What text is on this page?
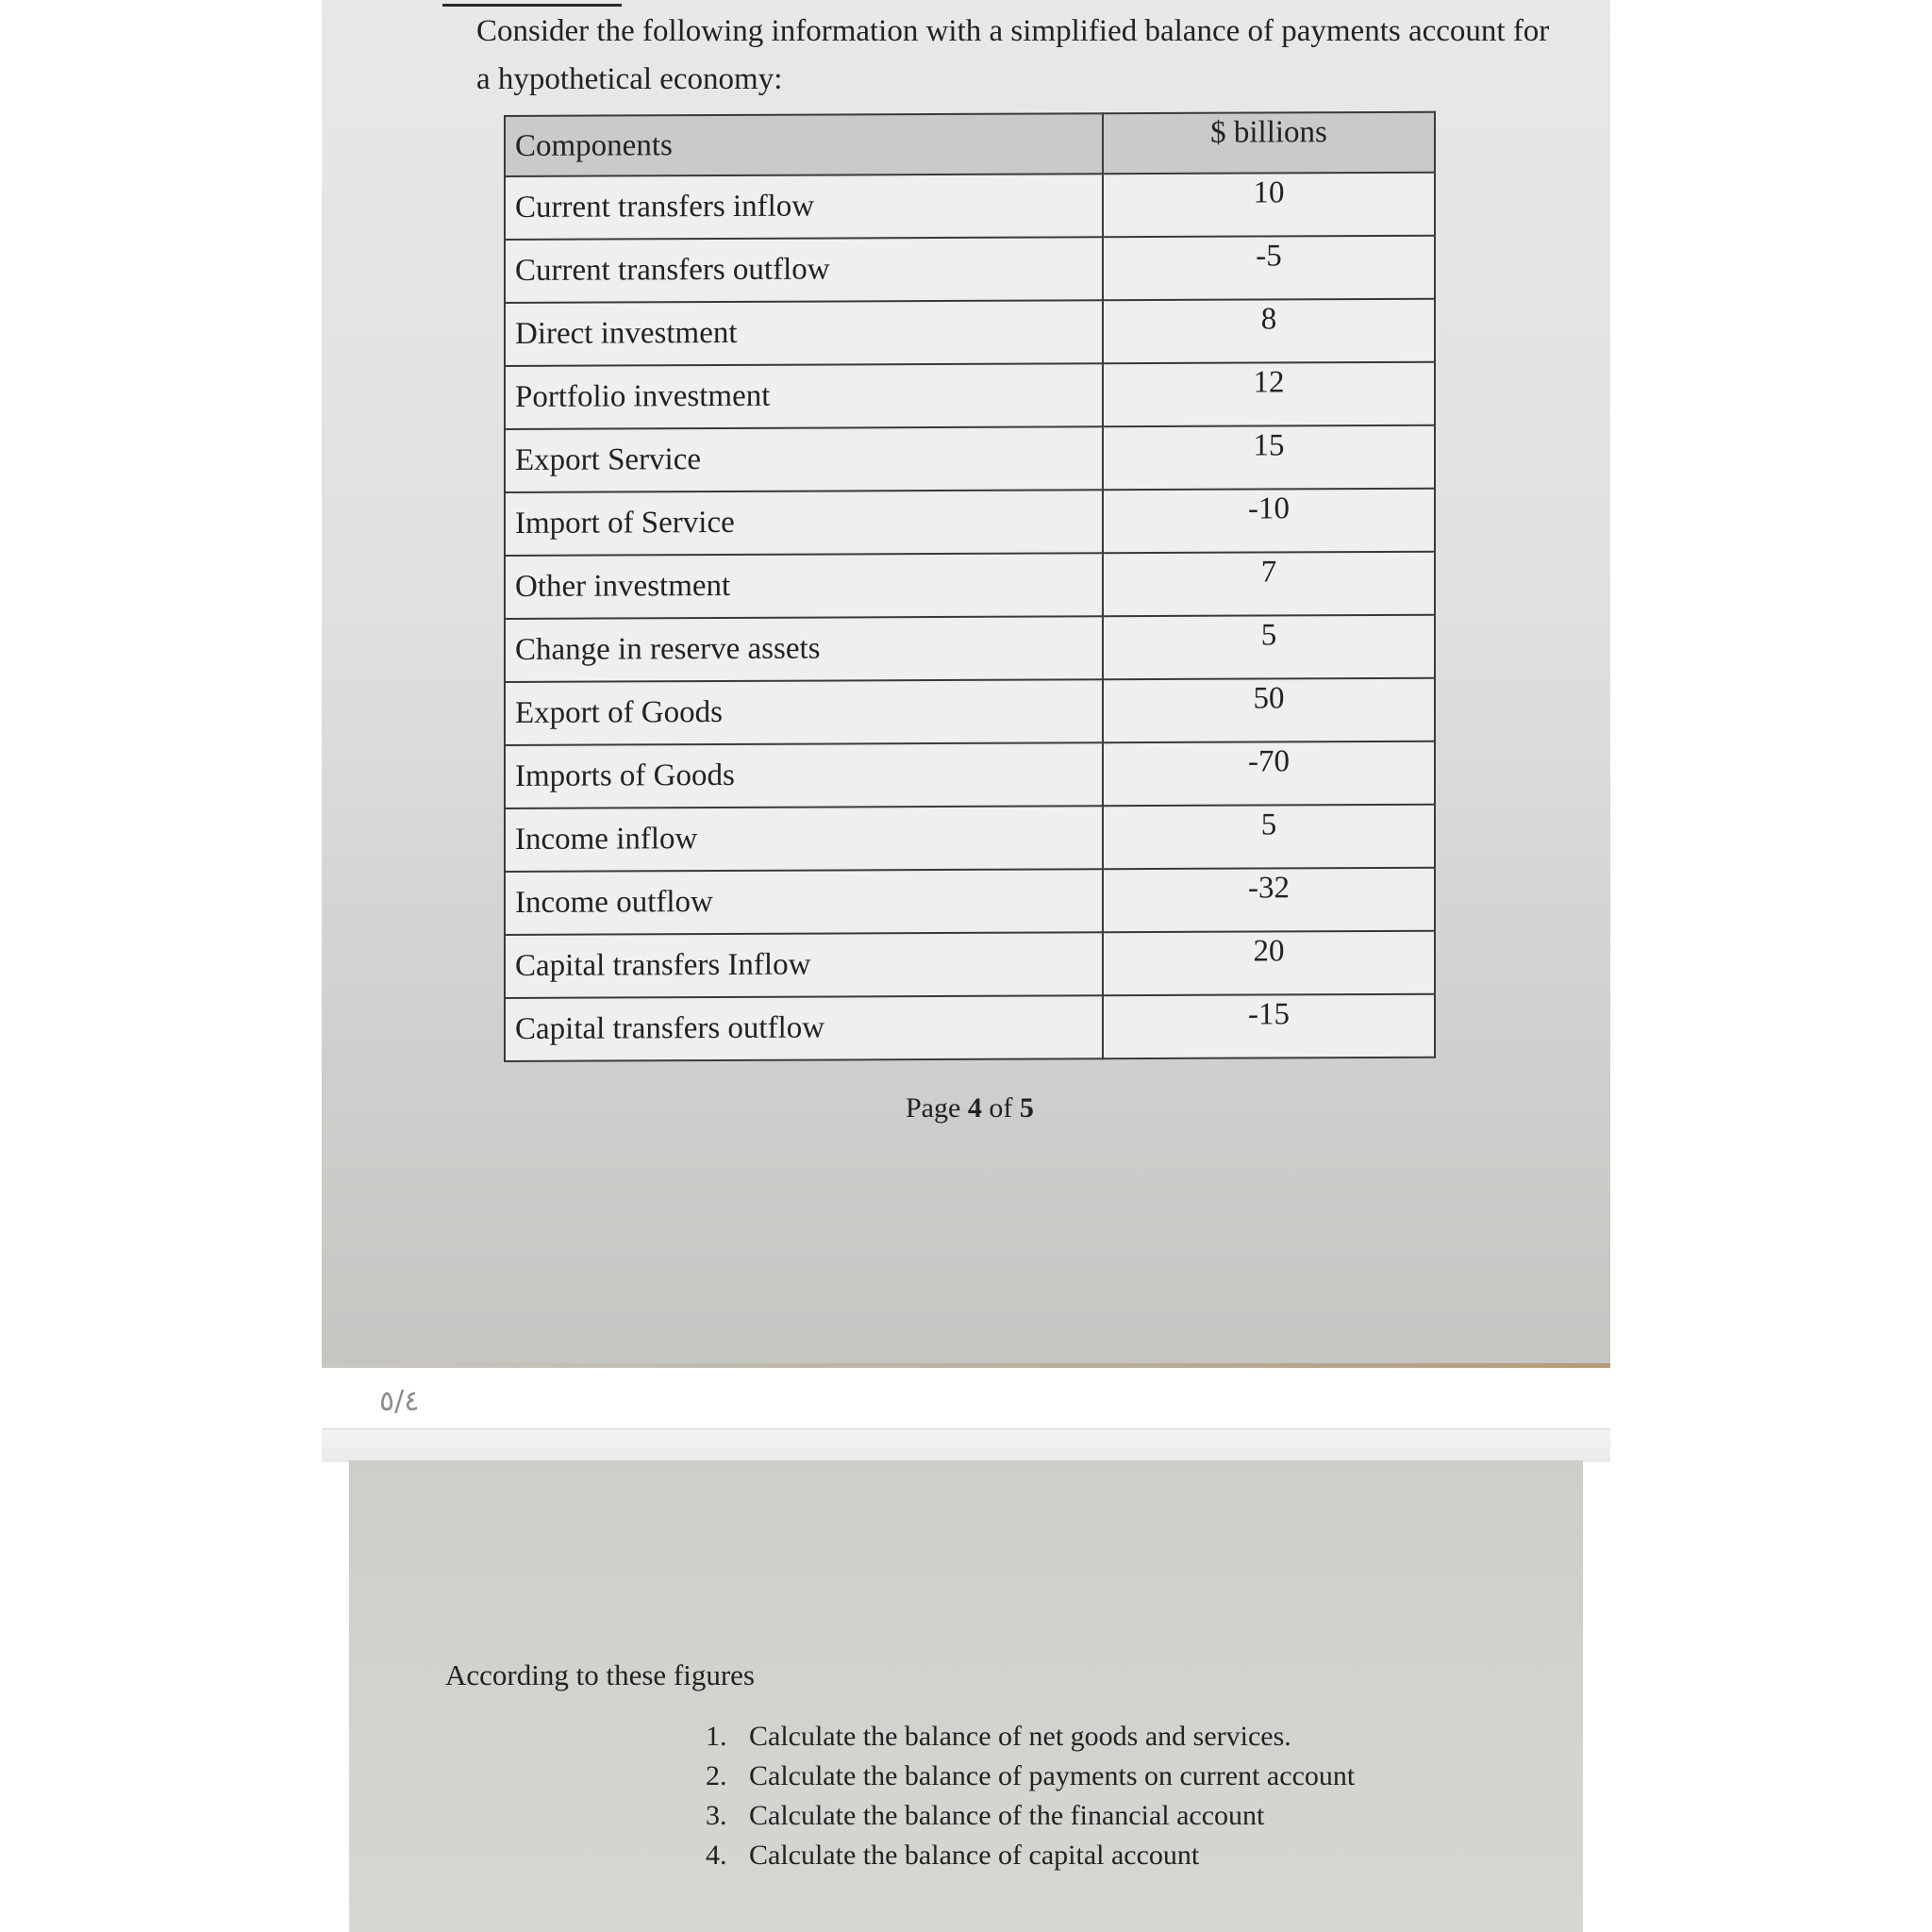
Consider the following information with a simplified balance of payments account for a hypothetical economy:
Components	$ billions
Current transfers inflow	10
Current transfers outflow	-5
Direct investment	8
Portfolio investment	12
Export Service	15
Import of Service	-10
Other investment	7
Change in reserve assets	5
Export of Goods	50
Imports of Goods	-70
Income inflow	5
Income outflow	-32
Capital transfers Inflow	20
Capital transfers outflow	-15
Page 4 of 5
٥/٤
According to these figures
1. Calculate the balance of net goods and services.
2. Calculate the balance of payments on current account
3. Calculate the balance of the financial account
4. Calculate the balance of capital account
